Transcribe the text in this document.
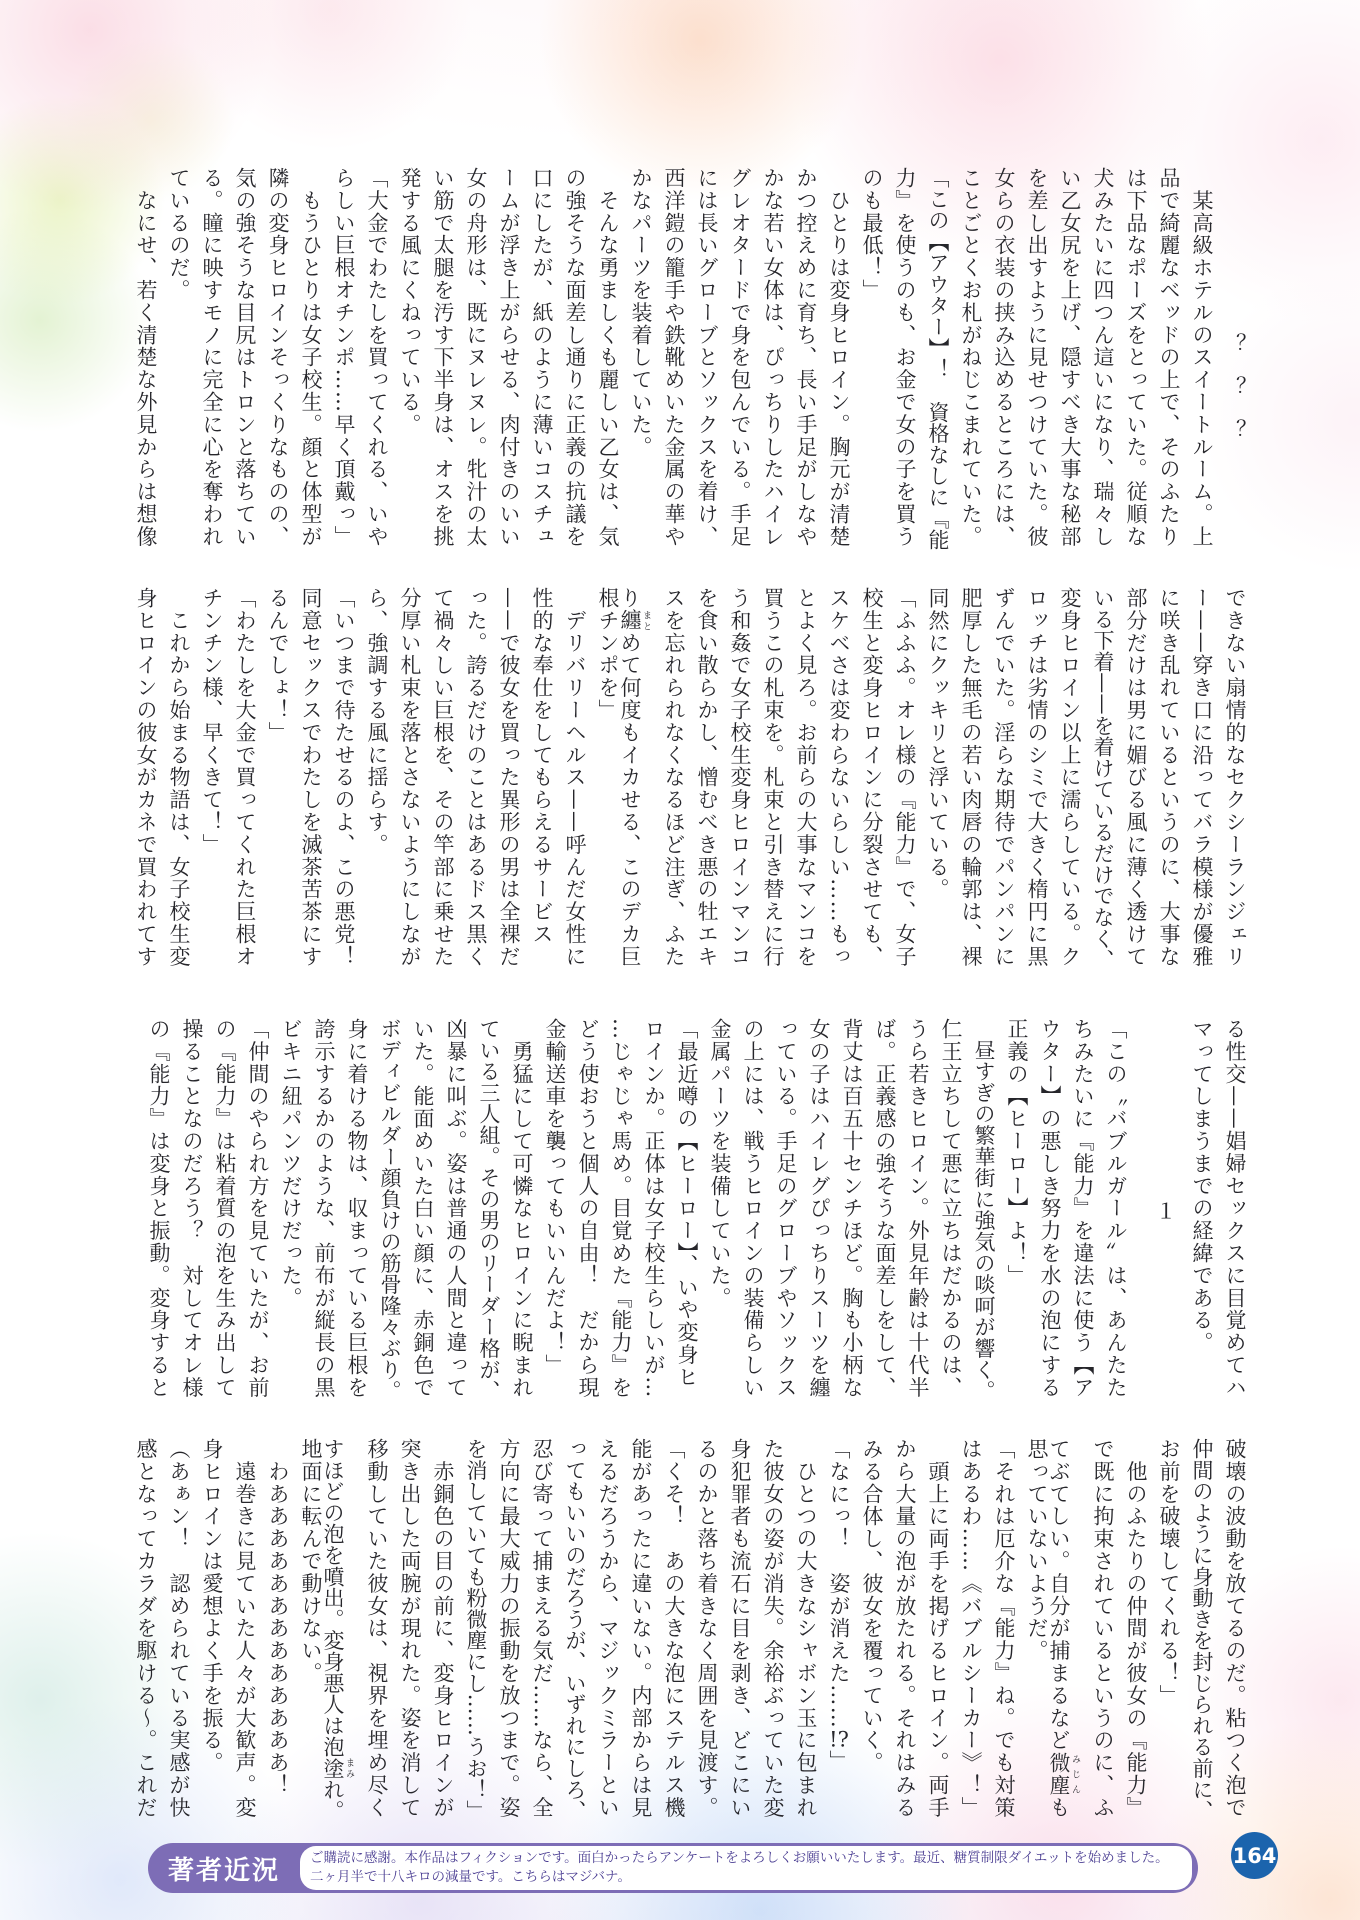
？？？
　某高級ホテルのスイートルーム。上
品で綺麗なベッドの上で、そのふたり
は下品なポーズをとっていた。従順な
犬みたいに四つん這いになり、瑞々し
い乙女尻を上げ、隠すべき大事な秘部
を差し出すように見せつけていた。彼
女らの衣装の挟み込めるところには、
ことごとくお札がねじこまれていた。
「この【アウター】！　資格なしに『能
力』を使うのも、お金で女の子を買う
のも最低！」
　ひとりは変身ヒロイン。胸元が清楚
かつ控えめに育ち、長い手足がしなや
かな若い女体は、ぴっちりしたハイレ
グレオタードで身を包んでいる。手足
には長いグローブとソックスを着け、
西洋鎧の籠手や鉄靴めいた金属の華や
かなパーツを装着していた。
　そんな勇ましくも麗しい乙女は、気
の強そうな面差し通りに正義の抗議を
口にしたが、紙のように薄いコスチュ
ームが浮き上がらせる、肉付きのいい
女の舟形は、既にヌレヌレ。牝汁の太
い筋で太腿を汚す下半身は、オスを挑
発する風にくねっている。
「大金でわたしを買ってくれる、いや
らしい巨根オチンポ……早く頂戴っ」
　もうひとりは女子校生。顔と体型が
隣の変身ヒロインそっくりなものの、
気の強そうな目尻はトロンと落ちてい
る。瞳に映すモノに完全に心を奪われ
ているのだ。
　なにせ、若く清楚な外見からは想像
できない扇情的なセクシーランジェリ
ー——穿き口に沿ってバラ模様が優雅
に咲き乱れているというのに、大事な
部分だけは男に媚びる風に薄く透けて
いる下着——を着けているだけでなく、
変身ヒロイン以上に濡らしている。ク
ロッチは劣情のシミで大きく楕円に黒
ずんでいた。淫らな期待でパンパンに
肥厚した無毛の若い肉唇の輪郭は、裸
同然にクッキリと浮いている。
「ふふふ。オレ様の『能力』で、女子
校生と変身ヒロインに分裂させても、
スケベさは変わらないらしい……もっ
とよく見ろ。お前らの大事なマンコを
買うこの札束を。札束と引き替えに行
う和姦で女子校生変身ヒロインマンコ
を食い散らかし、憎むべき悪の牡エキ
スを忘れられなくなるほど注ぎ、ふた
り纏 まとめて何度もイカせる、このデカ巨
根チンポを」
　デリバリーヘルス——呼んだ女性に
性的な奉仕をしてもらえるサービス
——で彼女を買った異形の男は全裸だ
った。誇るだけのことはあるドス黒く
て禍々しい巨根を、その竿部に乗せた
分厚い札束を落とさないようにしなが
ら、強調する風に揺らす。
「いつまで待たせるのよ、この悪党！
同意セックスでわたしを滅茶苦茶にす
るんでしょ！」
「わたしを大金で買ってくれた巨根オ
チンチン様、早くきて！」
　これから始まる物語は、女子校生変
身ヒロインの彼女がカネで買われてす
る性交——娼婦セックスに目覚めてハ
マってしまうまでの経緯である。
１
「この〝バブルガール〟は、あんたた
ちみたいに『能力』を違法に使う【ア
ウター】の悪しき努力を水の泡にする
正義の【ヒーロー】よ！」
　昼すぎの繁華街に強気の啖呵が響く。
仁王立ちして悪に立ちはだかるのは、
うら若きヒロイン。外見年齢は十代半
ば。正義感の強そうな面差しをして、
背丈は百五十センチほど。胸も小柄な
女の子はハイレグぴっちりスーツを纏
っている。手足のグローブやソックス
の上には、戦うヒロインの装備らしい
金属パーツを装備していた。
「最近噂の【ヒーロー】、いや変身ヒ
ロインか。正体は女子校生らしいが…
…じゃじゃ馬め。目覚めた『能力』を
どう使おうと個人の自由！　だから現
金輸送車を襲ってもいいんだよ！」
　勇猛にして可憐なヒロインに睨まれ
ている三人組。その男のリーダー格が、
凶暴に叫ぶ。姿は普通の人間と違って
いた。能面めいた白い顔に、赤銅色で
ボディビルダー顔負けの筋骨隆々ぶり。
身に着ける物は、収まっている巨根を
誇示するかのような、前布が縦長の黒
ビキニ紐パンツだけだった。
「仲間のやられ方を見ていたが、お前
の『能力』は粘着質の泡を生み出して
操ることなのだろう？　対してオレ様
の『能力』は変身と振動。変身すると
破壊の波動を放てるのだ。粘つく泡で
仲間のように身動きを封じられる前に、
お前を破壊してくれる！」
　他のふたりの仲間が彼女の『能力』
で既に拘束されているというのに、ふ
てぶてしい。自分が捕まるなど微塵 みじんも
思っていないようだ。
「それは厄介な『能力』ね。でも対策
はあるわ……《バブルシーカー》！」
　頭上に両手を掲げるヒロイン。両手
から大量の泡が放たれる。それはみる
みる合体し、彼女を覆っていく。
「なにっ！　姿が消えた……!?」
　ひとつの大きなシャボン玉に包まれ
た彼女の姿が消失。余裕ぶっていた変
身犯罪者も流石に目を剥き、どこにい
るのかと落ち着きなく周囲を見渡す。
「くそ！　あの大きな泡にステルス機
能があったに違いない。内部からは見
えるだろうから、マジックミラーとい
ってもいいのだろうが、いずれにしろ、
忍び寄って捕まえる気だ……なら、全
方向に最大威力の振動を放つまで。姿
を消していても粉微塵にし……うお！」
　赤銅色の目の前に、変身ヒロインが
突き出した両腕が現れた。姿を消して
移動していた彼女は、視界を埋め尽く
すほどの泡を噴出。変身悪人は泡塗 まみれ。
地面に転んで動けない。
　わあああああああああああああ！
　遠巻きに見ていた人々が大歓声。変
身ヒロインは愛想よく手を振る。
（あぁン！　認められている実感が快
感となってカラダを駆ける～。これだ
著者近況	ご購読に感謝。本作品はフィクションです。面白かったらアンケートをよろしくお願いいたします。最近、糖質制限ダイエットを始めました。
二ヶ月半で十八キロの減量です。こちらはマジバナ。
164
